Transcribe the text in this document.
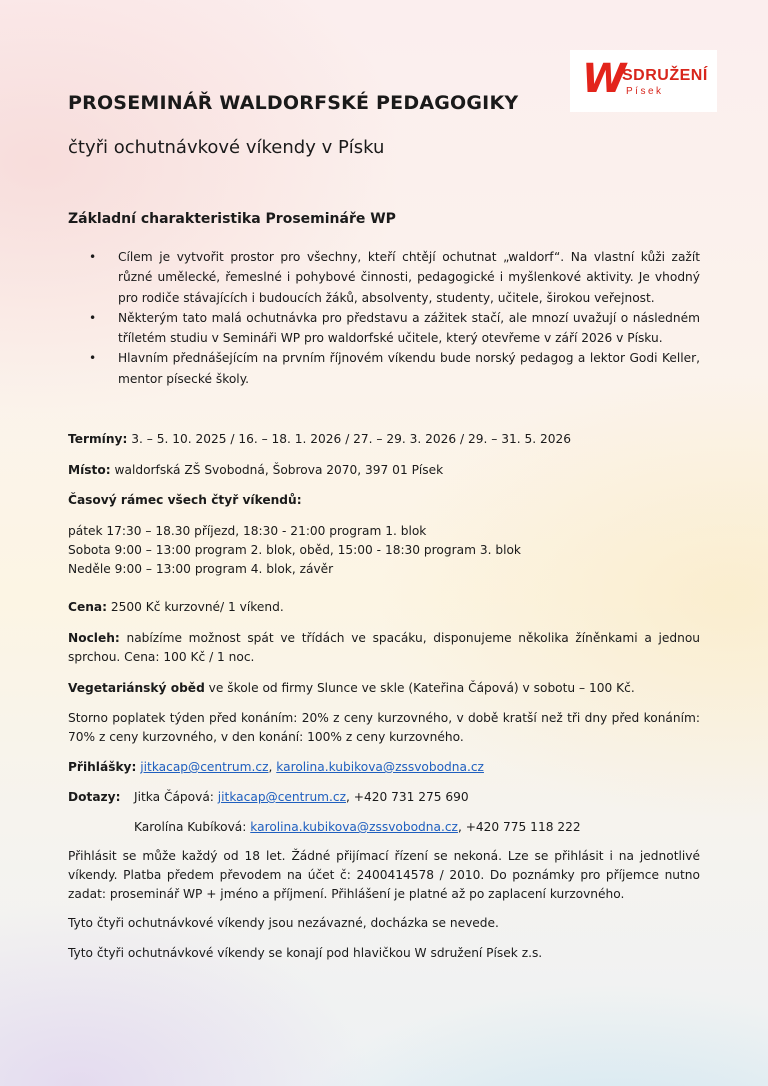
W
SDRUŽENÍ
Písek
PROSEMINÁŘ WALDORFSKÉ PEDAGOGIKY
čtyři ochutnávkové víkendy v Písku
Základní charakteristika Prosemináře WP
• Cílem je vytvořit prostor pro všechny, kteří chtějí ochutnat „waldorf“. Na vlastní kůži zažít různé umělecké, řemeslné i pohybové činnosti, pedagogické i myšlenkové aktivity. Je vhodný pro rodiče stávajících i budoucích žáků, absolventy, studenty, učitele, širokou veřejnost.
• Některým tato malá ochutnávka pro představu a zážitek stačí, ale mnozí uvažují o následném tříletém studiu v Semináři WP pro waldorfské učitele, který otevřeme v září 2026 v Písku.
• Hlavním přednášejícím na prvním říjnovém víkendu bude norský pedagog a lektor Godi Keller, mentor písecké školy.
Termíny: 3. – 5. 10. 2025 / 16. – 18. 1. 2026 / 27. – 29. 3. 2026 / 29. – 31. 5. 2026
Místo: waldorfská ZŠ Svobodná, Šobrova 2070, 397 01 Písek
Časový rámec všech čtyř víkendů:
pátek 17:30 – 18.30 příjezd, 18:30 - 21:00 program 1. blok
Sobota 9:00 – 13:00 program 2. blok, oběd, 15:00 - 18:30 program 3. blok
Neděle 9:00 – 13:00 program 4. blok, závěr
Cena: 2500 Kč kurzovné/ 1 víkend.
Nocleh: nabízíme možnost spát ve třídách ve spacáku, disponujeme několika žíněnkami a jednou sprchou. Cena: 100 Kč / 1 noc.
Vegetariánský oběd ve škole od firmy Slunce ve skle (Kateřina Čápová) v sobotu – 100 Kč.
Storno poplatek týden před konáním: 20% z ceny kurzovného, v době kratší než tři dny před konáním: 70% z ceny kurzovného, v den konání: 100% z ceny kurzovného.
Přihlášky: jitkacap@centrum.cz, karolina.kubikova@zssvobodna.cz
Dotazy: Jitka Čápová: jitkacap@centrum.cz, +420 731 275 690
Karolína Kubíková: karolina.kubikova@zssvobodna.cz, +420 775 118 222
Přihlásit se může každý od 18 let. Žádné přijímací řízení se nekoná. Lze se přihlásit i na jednotlivé víkendy. Platba předem převodem na účet č: 2400414578 / 2010. Do poznámky pro příjemce nutno zadat: proseminář WP + jméno a příjmení. Přihlášení je platné až po zaplacení kurzovného.
Tyto čtyři ochutnávkové víkendy jsou nezávazné, docházka se nevede.
Tyto čtyři ochutnávkové víkendy se konají pod hlavičkou W sdružení Písek z.s.
